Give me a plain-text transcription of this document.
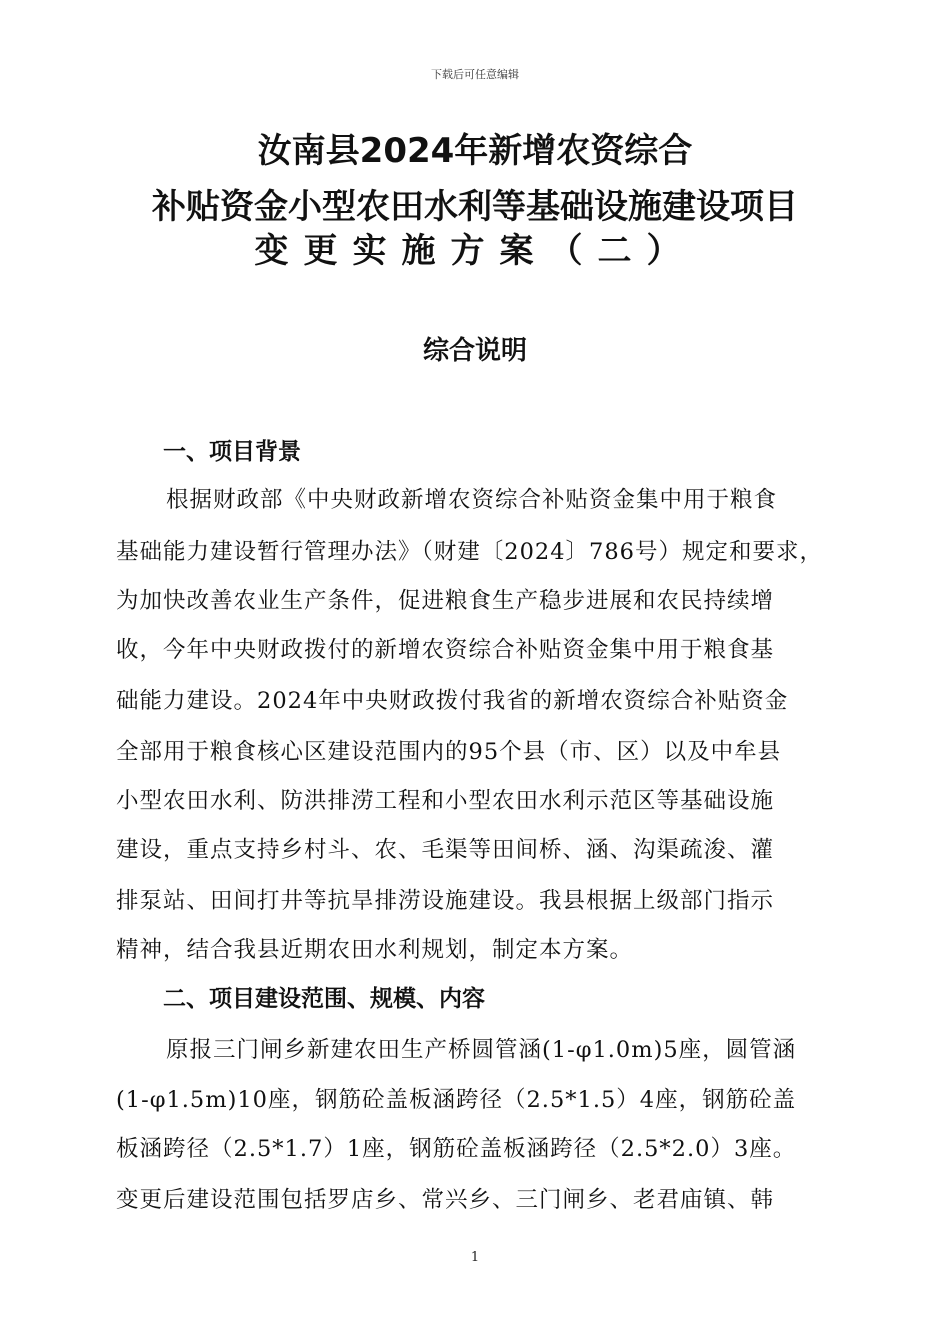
下载后可任意编辑
汝南县2024年新增农资综合
补贴资金小型农田水利等基础设施建设项目
变更实施方案（二）
综合说明
一、项目背景
根据财政部《中央财政新增农资综合补贴资金集中用于粮食
基础能力建设暂行管理办法》（财建〔2024〕786号）规定和要求，
为加快改善农业生产条件，促进粮食生产稳步进展和农民持续增
收，今年中央财政拨付的新增农资综合补贴资金集中用于粮食基
础能力建设。2024年中央财政拨付我省的新增农资综合补贴资金
全部用于粮食核心区建设范围内的95个县（市、区）以及中牟县
小型农田水利、防洪排涝工程和小型农田水利示范区等基础设施
建设，重点支持乡村斗、农、毛渠等田间桥、涵、沟渠疏浚、灌
排泵站、田间打井等抗旱排涝设施建设。我县根据上级部门指示
精神，结合我县近期农田水利规划，制定本方案。
二、项目建设范围、规模、内容
原报三门闸乡新建农田生产桥圆管涵(1-φ1.0m)5座，圆管涵
(1-φ1.5m)10座，钢筋砼盖板涵跨径（2.5*1.5）4座，钢筋砼盖
板涵跨径（2.5*1.7）1座，钢筋砼盖板涵跨径（2.5*2.0）3座。
变更后建设范围包括罗店乡、常兴乡、三门闸乡、老君庙镇、韩
1
